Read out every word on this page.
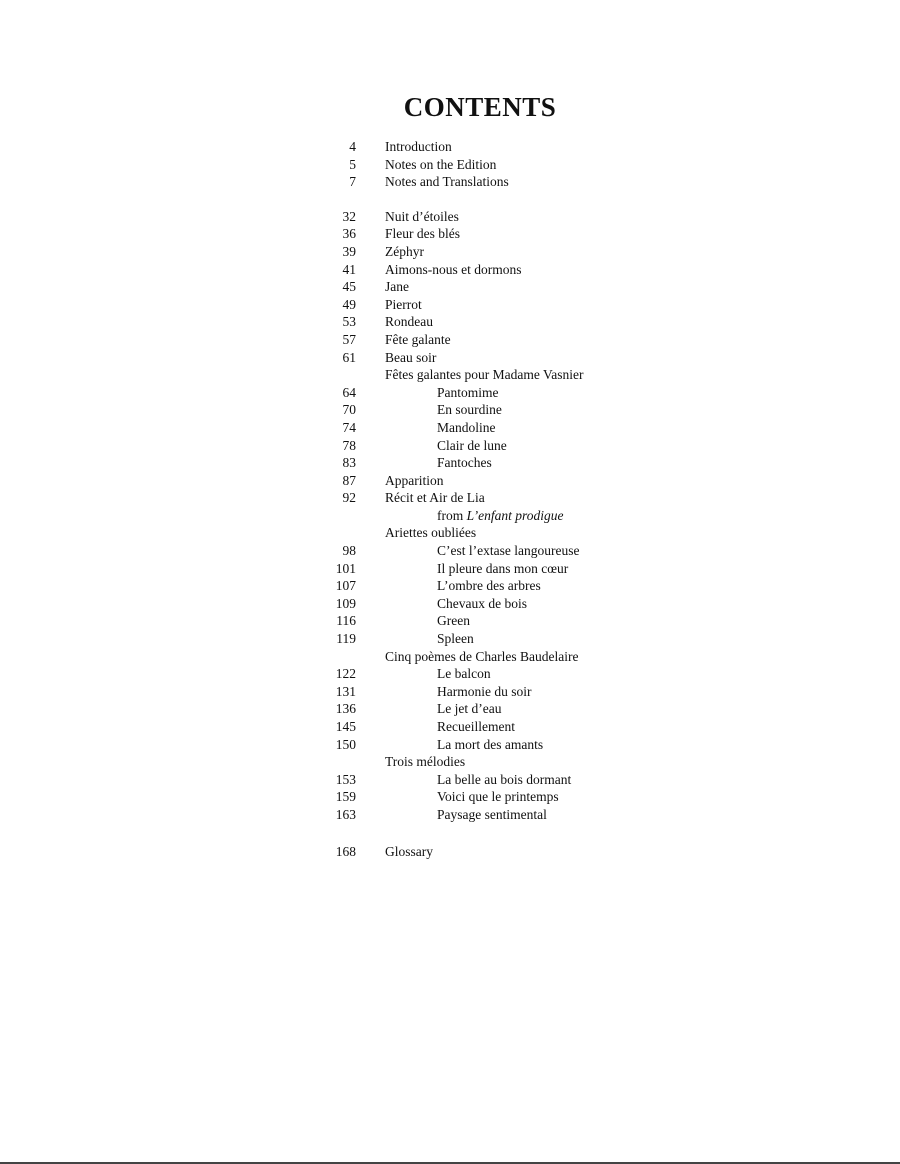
CONTENTS
4 Introduction
5 Notes on the Edition
7 Notes and Translations
32 Nuit d’étoiles
36 Fleur des blés
39 Zéphyr
41 Aimons-nous et dormons
45 Jane
49 Pierrot
53 Rondeau
57 Fête galante
61 Beau soir
Fêtes galantes pour Madame Vasnier
64	Pantomime
70	En sourdine
74	Mandoline
78	Clair de lune
83	Fantoches
87 Apparition
92 Récit et Air de Lia
from L’enfant prodigue
Ariettes oubliées
98	C’est l’extase langoureuse
101	Il pleure dans mon cœur
107	L’ombre des arbres
109	Chevaux de bois
116	Green
119	Spleen
Cinq poèmes de Charles Baudelaire
122	Le balcon
131	Harmonie du soir
136	Le jet d’eau
145	Recueillement
150	La mort des amants
Trois mélodies
153	La belle au bois dormant
159	Voici que le printemps
163	Paysage sentimental
168 Glossary
